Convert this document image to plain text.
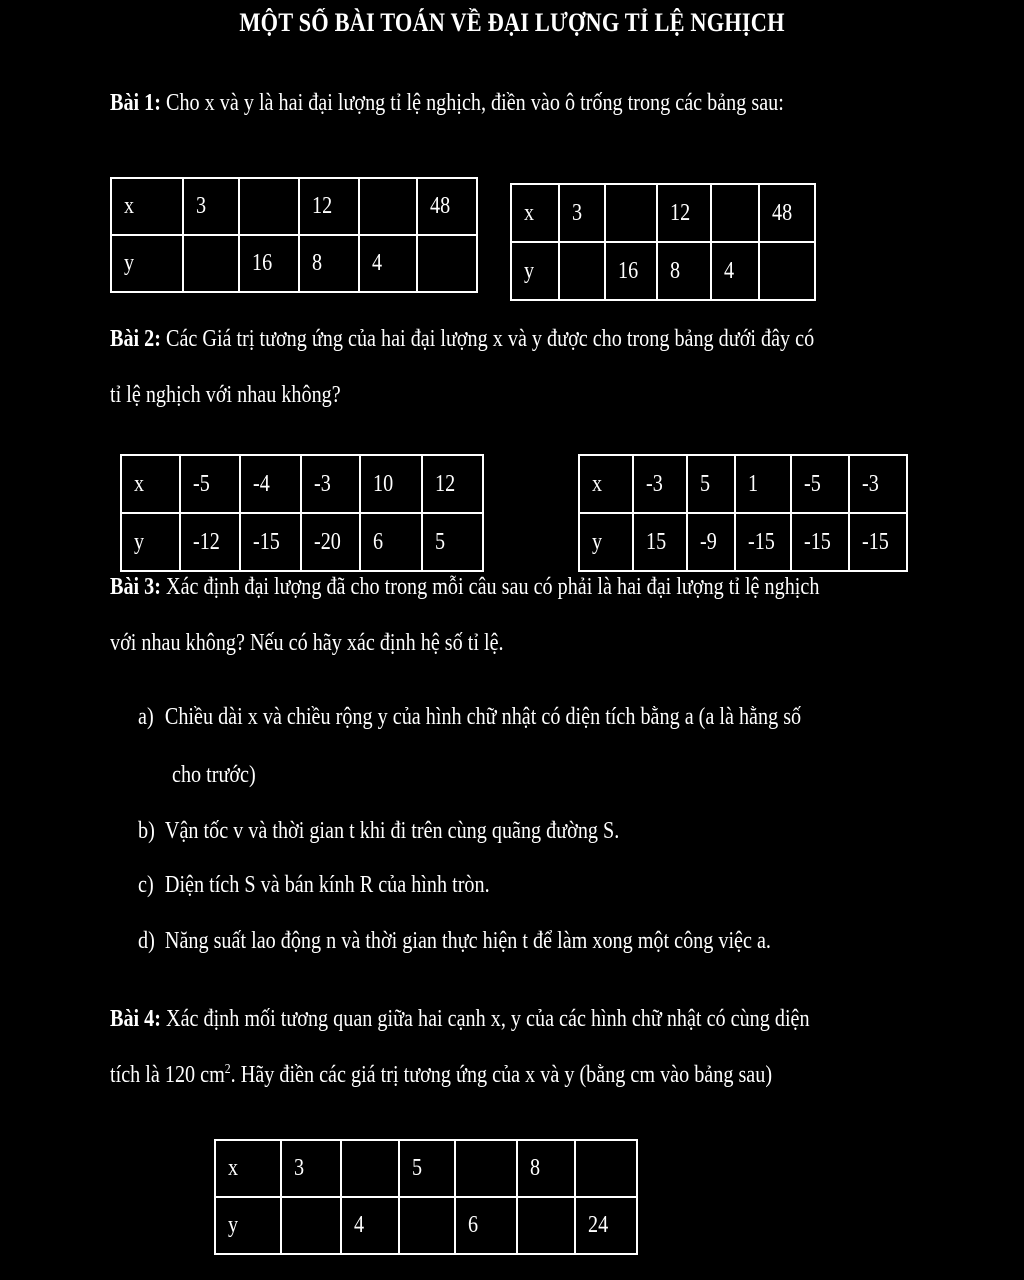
MỘT SỐ BÀI TOÁN VỀ ĐẠI LƯỢNG TỈ LỆ NGHỊCH
Bài 1: Cho x và y là hai đại lượng tỉ lệ nghịch, điền vào ô trống trong các bảng sau:
x	3		12		48
y		16	8	4	
x	3		12		48
y		16	8	4	
Bài 2: Các Giá trị tương ứng của hai đại lượng x và y được cho trong bảng dưới đây có
tỉ lệ nghịch với nhau không?
x	-5	-4	-3	10	12
y	-12	-15	-20	6	5
x	-3	5	1	-5	-3
y	15	-9	-15	-15	-15
Bài 3: Xác định đại lượng đã cho trong mỗi câu sau có phải là hai đại lượng tỉ lệ nghịch
với nhau không? Nếu có hãy xác định hệ số tỉ lệ.
a) Chiều dài x và chiều rộng y của hình chữ nhật có diện tích bằng a (a là hằng số
cho trước)
b) Vận tốc v và thời gian t khi đi trên cùng quãng đường S.
c) Diện tích S và bán kính R của hình tròn.
d) Năng suất lao động n và thời gian thực hiện t để làm xong một công việc a.
Bài 4: Xác định mối tương quan giữa hai cạnh x, y của các hình chữ nhật có cùng diện
tích là 120 $cm^2$. Hãy điền các giá trị tương ứng của x và y (bằng cm vào bảng sau)
x	3		5		8	
y		4		6		24
